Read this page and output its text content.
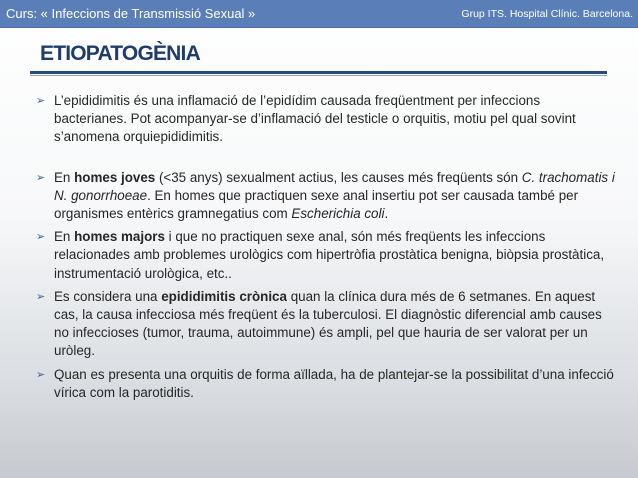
Curs: « Infeccions de Transmissió Sexual »	Grup ITS. Hospital Clínic. Barcelona.
ETIOPATOGÈNIA
➢ L’epididimitis és una inflamació de l’epidídim causada freqüentment per infeccions bacterianes. Pot acompanyar-se d’inflamació del testicle o orquitis, motiu pel qual sovint s’anomena orquiepididimitis.
➢ En homes joves (<35 anys) sexualment actius, les causes més freqüents són C. trachomatis i N. gonorrhoeae. En homes que practiquen sexe anal insertiu pot ser causada també per organismes entèrics gramnegatius com Escherichia coli.
➢ En homes majors i que no practiquen sexe anal, són més freqüents les infeccions relacionades amb problemes urològics com hipertròfia prostàtica benigna, biòpsia prostàtica, instrumentació urològica, etc..
➢ Es considera una epididimitis crònica quan la clínica dura més de 6 setmanes. En aquest cas, la causa infecciosa més freqüent és la tuberculosi. El diagnòstic diferencial amb causes no infeccioses (tumor, trauma, autoimmune) és ampli, pel que hauria de ser valorat per un uròleg.
➢ Quan es presenta una orquitis de forma aïllada, ha de plantejar-se la possibilitat d’una infecció vírica com la parotiditis.
